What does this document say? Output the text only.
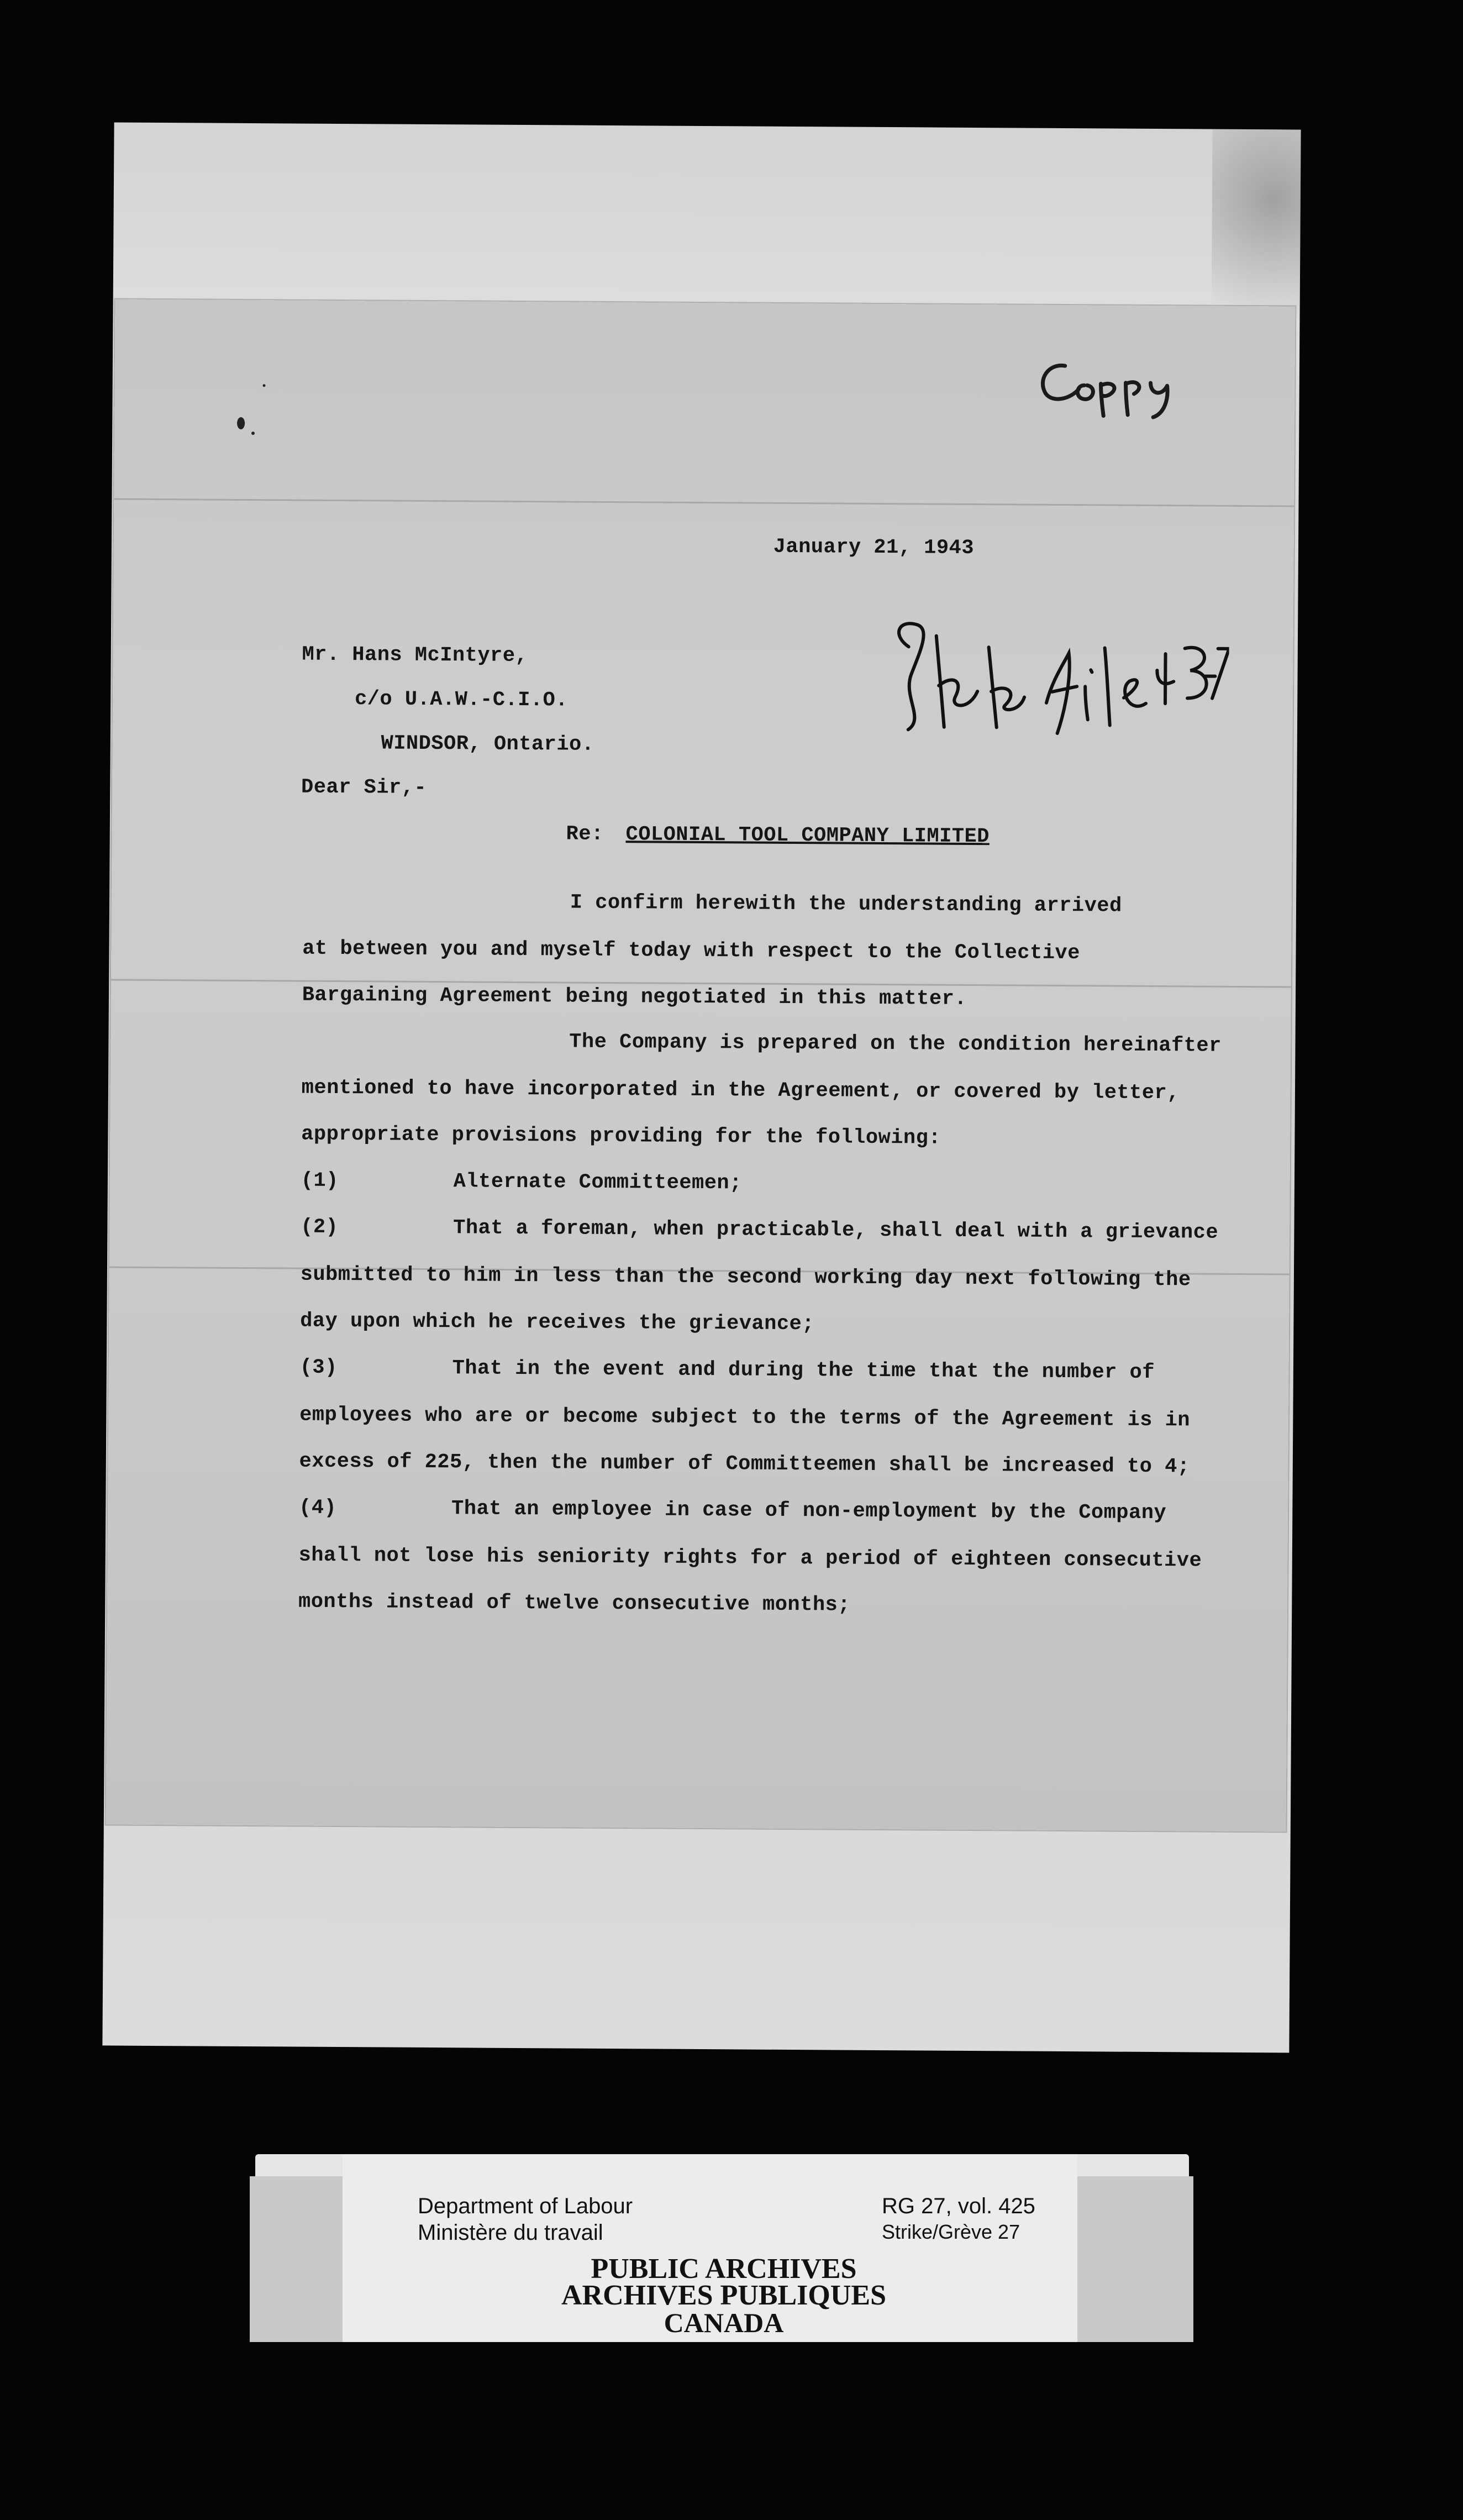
January 21, 1943
Mr. Hans McIntyre,
c/o U.A.W.-C.I.O.
WINDSOR, Ontario.
Dear Sir,-
Re: COLONIAL TOOL COMPANY LIMITED
I confirm herewith the understanding arrived
at between you and myself today with respect to the Collective
Bargaining Agreement being negotiated in this matter.
The Company is prepared on the condition hereinafter
mentioned to have incorporated in the Agreement, or covered by letter,
appropriate provisions providing for the following:
(1)	Alternate Committeemen;
(2)	That a foreman, when practicable, shall deal with a grievance
submitted to him in less than the second working day next following the
day upon which he receives the grievance;
(3)	That in the event and during the time that the number of
employees who are or become subject to the terms of the Agreement is in
excess of 225, then the number of Committeemen shall be increased to 4;
(4)	That an employee in case of non-employment by the Company
shall not lose his seniority rights for a period of eighteen consecutive
months instead of twelve consecutive months;
Department of Labour
Ministère du travail
RG 27, vol. 425
Strike/Grève 27
PUBLIC ARCHIVES
ARCHIVES PUBLIQUES
CANADA
